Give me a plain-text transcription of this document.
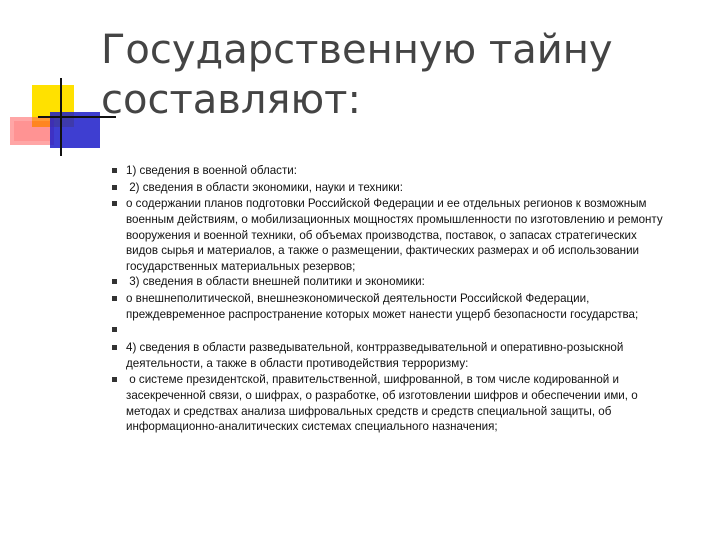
Государственную тайну
составляют:
1) сведения в военной области:
2) сведения в области экономики, науки и техники:
о содержании планов подготовки Российской Федерации и ее отдельных регионов к возможным военным действиям, о мобилизационных мощностях промышленности по изготовлению и ремонту вооружения и военной техники, об объемах производства, поставок, о запасах стратегических видов сырья и материалов, а также о размещении, фактических размерах и об использовании государственных материальных резервов;
3) сведения в области внешней политики и экономики:
о внешнеполитической, внешнеэкономической деятельности Российской Федерации, преждевременное распространение которых может нанести ущерб безопасности государства;
4) сведения в области разведывательной, контрразведывательной и оперативно-розыскной деятельности, а также в области противодействия терроризму:
о системе президентской, правительственной, шифрованной, в том числе кодированной и засекреченной связи, о шифрах, о разработке, об изготовлении шифров и обеспечении ими, о методах и средствах анализа шифровальных средств и средств специальной защиты, об информационно-аналитических системах специального назначения;
